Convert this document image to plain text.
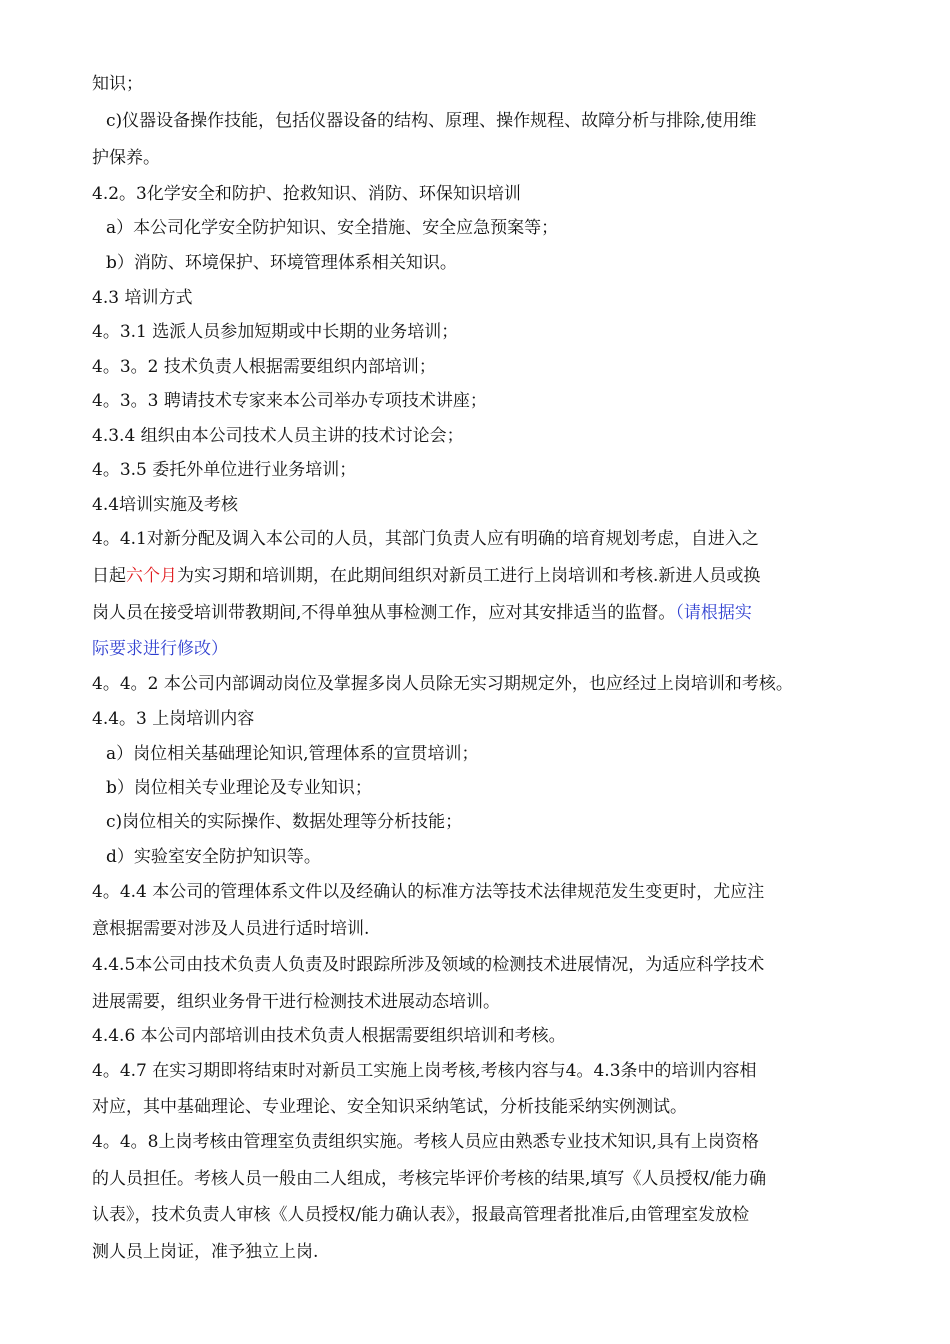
知识；

c)仪器设备操作技能，包括仪器设备的结构、原理、操作规程、故障分析与排除,使用维

护保养。

4.2。3化学安全和防护、抢救知识、消防、环保知识培训

a）本公司化学安全防护知识、安全措施、安全应急预案等；

b）消防、环境保护、环境管理体系相关知识。

4.3 培训方式

4。3.1 选派人员参加短期或中长期的业务培训；

4。3。2 技术负责人根据需要组织内部培训；

4。3。3 聘请技术专家来本公司举办专项技术讲座；

4.3.4 组织由本公司技术人员主讲的技术讨论会；

4。3.5 委托外单位进行业务培训；

4.4培训实施及考核

4。4.1对新分配及调入本公司的人员，其部门负责人应有明确的培育规划考虑，自进入之

日起六个月为实习期和培训期，在此期间组织对新员工进行上岗培训和考核.新进人员或换

岗人员在接受培训带教期间,不得单独从事检测工作，应对其安排适当的监督。（请根据实

际要求进行修改）

4。4。2 本公司内部调动岗位及掌握多岗人员除无实习期规定外，也应经过上岗培训和考核。

4.4。3 上岗培训内容

a）岗位相关基础理论知识,管理体系的宣贯培训；

b）岗位相关专业理论及专业知识；

c)岗位相关的实际操作、数据处理等分析技能；

d）实验室安全防护知识等。

4。4.4 本公司的管理体系文件以及经确认的标准方法等技术法律规范发生变更时，尤应注

意根据需要对涉及人员进行适时培训.

4.4.5本公司由技术负责人负责及时跟踪所涉及领域的检测技术进展情况，为适应科学技术

进展需要，组织业务骨干进行检测技术进展动态培训。

4.4.6 本公司内部培训由技术负责人根据需要组织培训和考核。

4。4.7 在实习期即将结束时对新员工实施上岗考核,考核内容与4。4.3条中的培训内容相

对应，其中基础理论、专业理论、安全知识采纳笔试，分析技能采纳实例测试。

4。4。8上岗考核由管理室负责组织实施。考核人员应由熟悉专业技术知识,具有上岗资格

的人员担任。考核人员一般由二人组成，考核完毕评价考核的结果,填写《人员授权/能力确

认表》，技术负责人审核《人员授权/能力确认表》，报最高管理者批准后,由管理室发放检

测人员上岗证，准予独立上岗.
